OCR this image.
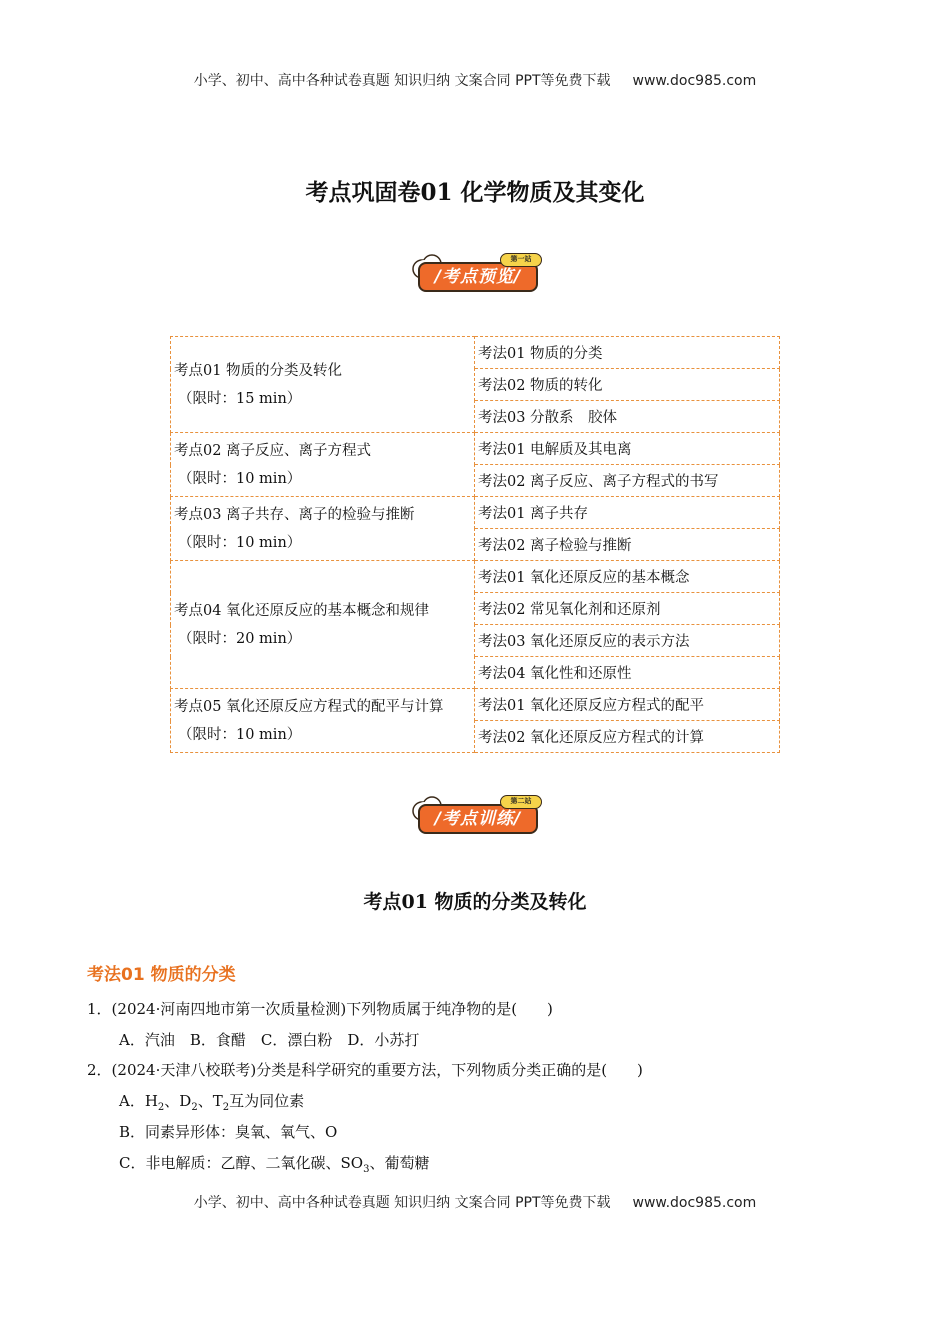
小学、初中、高中各种试卷真题 知识归纳 文案合同 PPT等免费下载 www.doc985.com
考点巩固卷01 化学物质及其变化
/考点预览/
第一站
考点01 物质的分类及转化
（限时：15 min）	考法01 物质的分类
	考法02 物质的转化
	考法03 分散系　胶体

考点02 离子反应、离子方程式
（限时：10 min）	考法01 电解质及其电离
	考法02 离子反应、离子方程式的书写

考点03 离子共存、离子的检验与推断
（限时：10 min）	考法01 离子共存
	考法02 离子检验与推断

考点04 氧化还原反应的基本概念和规律
（限时：20 min）	考法01 氧化还原反应的基本概念
	考法02 常见氧化剂和还原剂
	考法03 氧化还原反应的表示方法
	考法04 氧化性和还原性

考点05 氧化还原反应方程式的配平与计算
（限时：10 min）	考法01 氧化还原反应方程式的配平
	考法02 氧化还原反应方程式的计算
/考点训练/
第二站
考点01 物质的分类及转化
考法01 物质的分类
1．(2024·河南四地市第一次质量检测)下列物质属于纯净物的是(　　)
A．汽油　B．食醋　C．漂白粉　D．小苏打
2．(2024·天津八校联考)分类是科学研究的重要方法，下列物质分类正确的是(　　)
A．$H_2$、$D_2$、$T_2$互为同位素
B．同素异形体：臭氧、氧气、O
C．非电解质：乙醇、二氧化碳、$SO_3$、葡萄糖
小学、初中、高中各种试卷真题 知识归纳 文案合同 PPT等免费下载 www.doc985.com
